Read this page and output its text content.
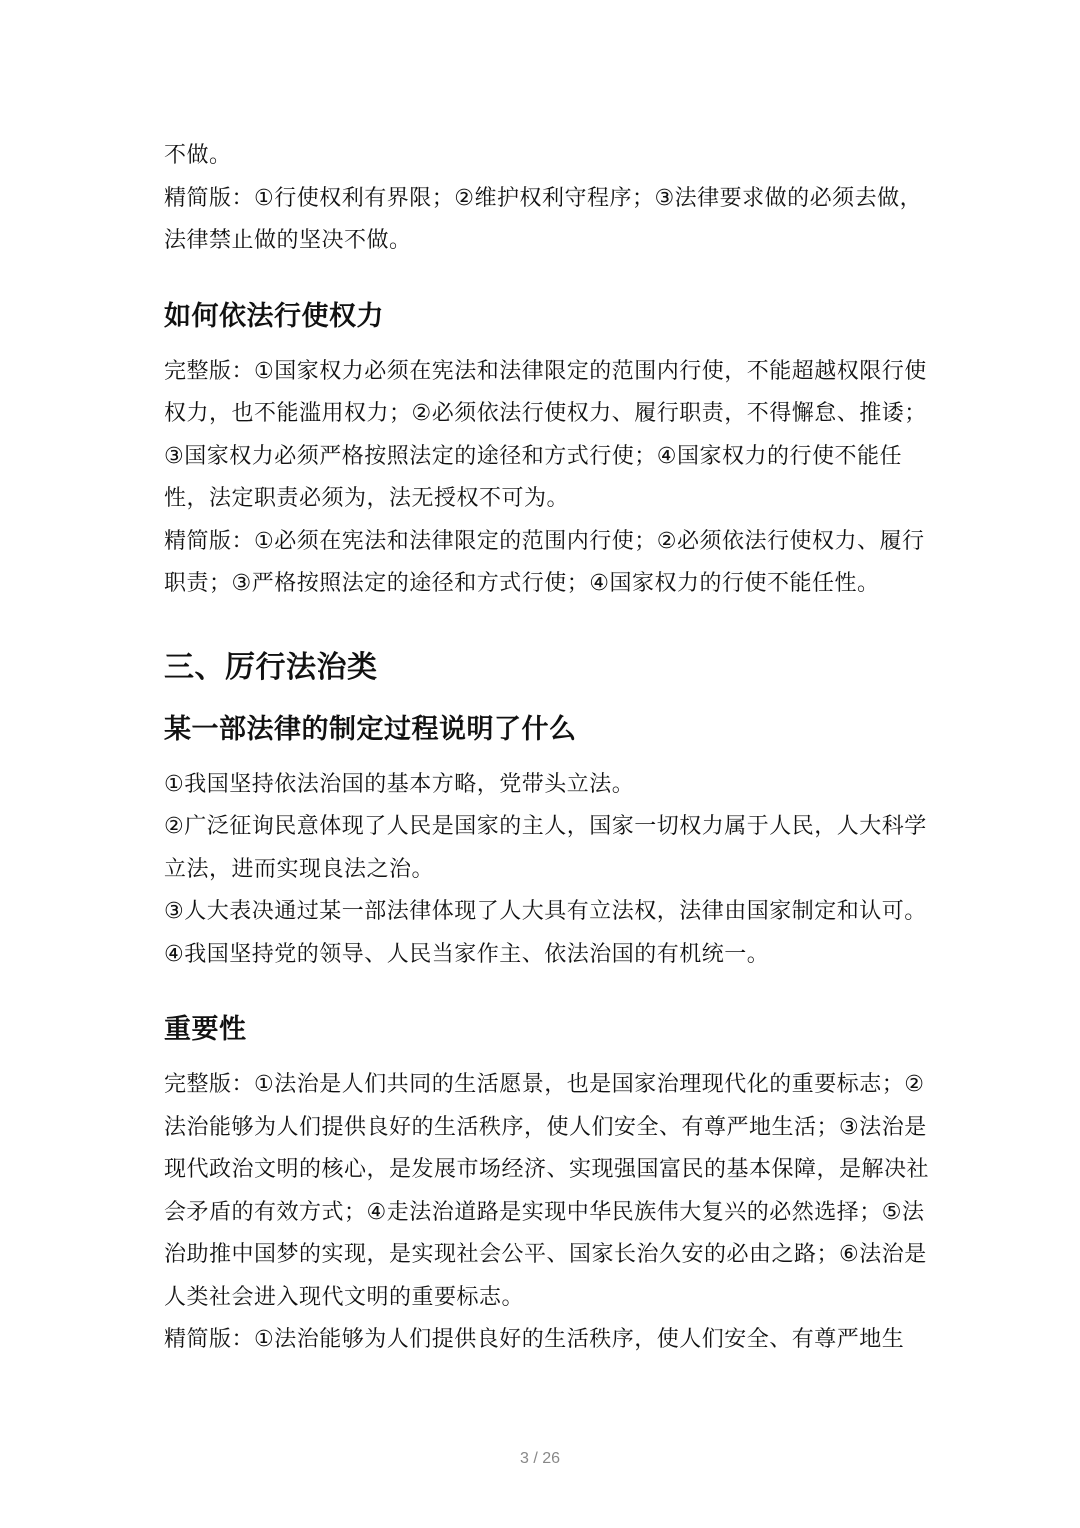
不做。

精简版：①行使权利有界限；②维护权利守程序；③法律要求做的必须去做，

法律禁止做的坚决不做。

如何依法行使权力

完整版：①国家权力必须在宪法和法律限定的范围内行使，不能超越权限行使

权力，也不能滥用权力；②必须依法行使权力、履行职责，不得懈怠、推诿；

③国家权力必须严格按照法定的途径和方式行使；④国家权力的行使不能任

性，法定职责必须为，法无授权不可为。

精简版：①必须在宪法和法律限定的范围内行使；②必须依法行使权力、履行

职责；③严格按照法定的途径和方式行使；④国家权力的行使不能任性。

三、厉行法治类
某一部法律的制定过程说明了什么

①我国坚持依法治国的基本方略，党带头立法。

②广泛征询民意体现了人民是国家的主人，国家一切权力属于人民，人大科学

立法，进而实现良法之治。

③人大表决通过某一部法律体现了人大具有立法权，法律由国家制定和认可。

④我国坚持党的领导、人民当家作主、依法治国的有机统一。

重要性

完整版：①法治是人们共同的生活愿景，也是国家治理现代化的重要标志；②

法治能够为人们提供良好的生活秩序，使人们安全、有尊严地生活；③法治是

现代政治文明的核心，是发展市场经济、实现强国富民的基本保障，是解决社

会矛盾的有效方式；④走法治道路是实现中华民族伟大复兴的必然选择；⑤法

治助推中国梦的实现，是实现社会公平、国家长治久安的必由之路；⑥法治是

人类社会进入现代文明的重要标志。

精简版：①法治能够为人们提供良好的生活秩序，使人们安全、有尊严地生

3 / 26
